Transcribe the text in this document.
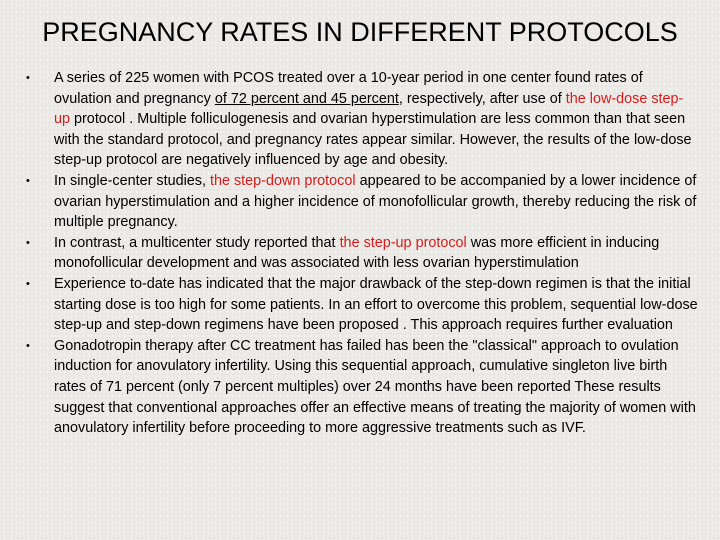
PREGNANCY RATES IN DIFFERENT PROTOCOLS
•	A series of 225 women with PCOS treated over a 10-year period in one center found rates of ovulation and pregnancy of 72 percent and 45 percent, respectively, after use of the low-dose step-up protocol . Multiple folliculogenesis and ovarian hyperstimulation are less common than that seen with the standard protocol, and pregnancy rates appear similar. However, the results of the low-dose step-up protocol are negatively influenced by age and obesity.
•	In single-center studies, the step-down protocol appeared to be accompanied by a lower incidence of ovarian hyperstimulation and a higher incidence of monofollicular growth, thereby reducing the risk of multiple pregnancy.
•	In contrast, a multicenter study reported that the step-up protocol was more efficient in inducing monofollicular development and was associated with less ovarian hyperstimulation
•	Experience to-date has indicated that the major drawback of the step-down regimen is that the initial starting dose is too high for some patients. In an effort to overcome this problem, sequential low-dose step-up and step-down regimens have been proposed . This approach requires further evaluation
•	Gonadotropin therapy after CC treatment has failed has been the "classical" approach to ovulation induction for anovulatory infertility. Using this sequential approach, cumulative singleton live birth rates of 71 percent (only 7 percent multiples) over 24 months have been reported These results suggest that conventional approaches offer an effective means of treating the majority of women with anovulatory infertility before proceeding to more aggressive treatments such as IVF.
